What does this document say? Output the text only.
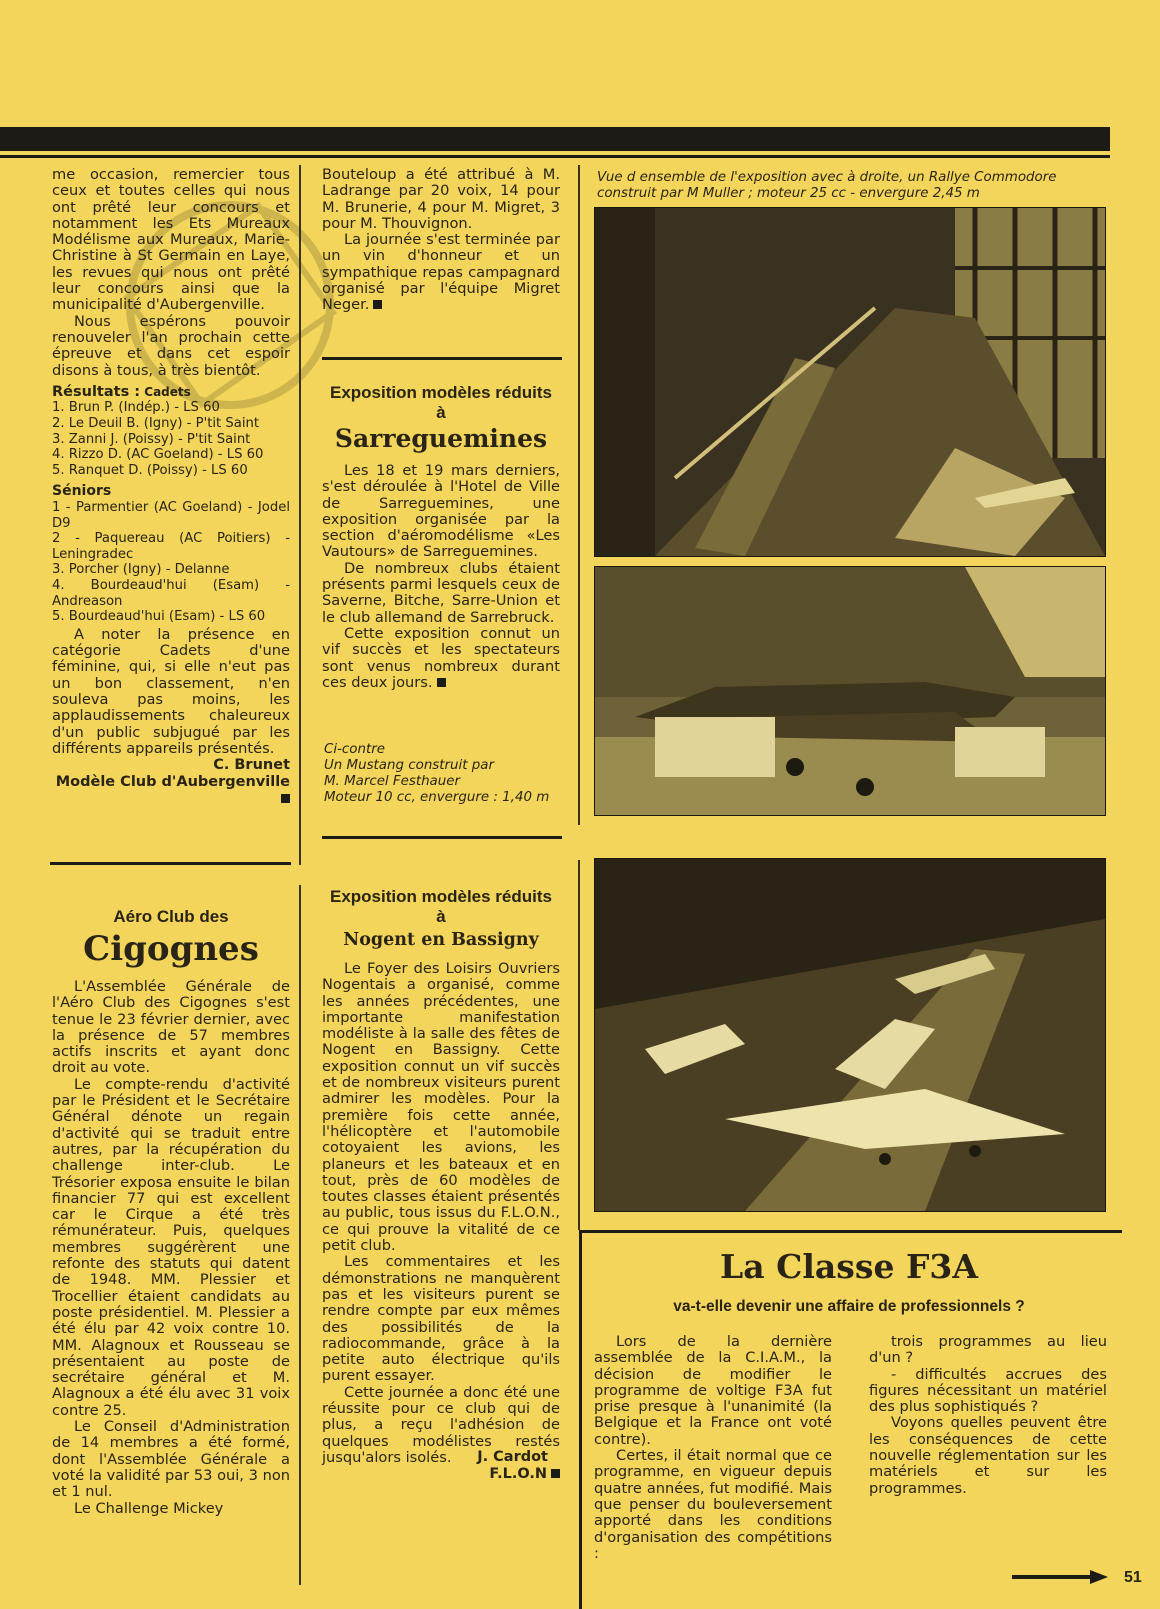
me occasion, remercier tous ceux et toutes celles qui nous ont prêté leur concours et notamment les Ets Mureaux Modélisme aux Mureaux, Marie-Christine à St Germain en Laye, les revues qui nous ont prêté leur concours ainsi que la municipalité d'Aubergenville.

Nous espérons pouvoir renouveler l'an prochain cette épreuve et dans cet espoir disons à tous, à très bientôt.

Résultats : Cadets
1. Brun P. (Indép.) - LS 60
2. Le Deuil B. (Igny) - P'tit Saint
3. Zanni J. (Poissy) - P'tit Saint
4. Rizzo D. (AC Goeland) - LS 60
5. Ranquet D. (Poissy) - LS 60
Séniors
1 - Parmentier (AC Goeland) - Jodel D9
2 - Paquereau (AC Poitiers) - Leningradec
3. Porcher (Igny) - Delanne
4. Bourdeaud'hui (Esam) - Andreason
5. Bourdeaud'hui (Esam) - LS 60

A noter la présence en catégorie Cadets d'une féminine, qui, si elle n'eut pas un bon classement, n'en souleva pas moins, les applaudissements chaleureux d'un public subjugué par les différents appareils présentés.

C. Brunet
Modèle Club d'Aubergenville
Aéro Club des
Cigognes

L'Assemblée Générale de l'Aéro Club des Cigognes s'est tenue le 23 février dernier, avec la présence de 57 membres actifs inscrits et ayant donc droit au vote.

Le compte-rendu d'activité par le Président et le Secrétaire Général dénote un regain d'activité qui se traduit entre autres, par la récupération du challenge inter-club. Le Trésorier exposa ensuite le bilan financier 77 qui est excellent car le Cirque a été très rémunérateur. Puis, quelques membres suggérèrent une refonte des statuts qui datent de 1948. MM. Plessier et Trocellier étaient candidats au poste présidentiel. M. Plessier a été élu par 42 voix contre 10. MM. Alagnoux et Rousseau se présentaient au poste de secrétaire général et M. Alagnoux a été élu avec 31 voix contre 25.

Le Conseil d'Administration de 14 membres a été formé, dont l'Assemblée Générale a voté la validité par 53 oui, 3 non et 1 nul.

Le Challenge Mickey

Bouteloup a été attribué à M. Ladrange par 20 voix, 14 pour M. Brunerie, 4 pour M. Migret, 3 pour M. Thouvignon.

La journée s'est terminée par un vin d'honneur et un sympathique repas campagnard organisé par l'équipe Migret Neger.

Exposition modèles réduits
à
Sarreguemines

Les 18 et 19 mars derniers, s'est déroulée à l'Hotel de Ville de Sarreguemines, une exposition organisée par la section d'aéromodélisme «Les Vautours» de Sarreguemines.

De nombreux clubs étaient présents parmi lesquels ceux de Saverne, Bitche, Sarre-Union et le club allemand de Sarrebruck.

Cette exposition connut un vif succès et les spectateurs sont venus nombreux durant ces deux jours.

Ci-contre
Un Mustang construit par
M. Marcel Festhauer
Moteur 10 cc, envergure : 1,40 m
Exposition modèles réduits
à
Nogent en Bassigny

Le Foyer des Loisirs Ouvriers Nogentais a organisé, comme les années précédentes, une importante manifestation modéliste à la salle des fêtes de Nogent en Bassigny. Cette exposition connut un vif succès et de nombreux visiteurs purent admirer les modèles. Pour la première fois cette année, l'hélicoptère et l'automobile cotoyaient les avions, les planeurs et les bateaux et en tout, près de 60 modèles de toutes classes étaient présentés au public, tous issus du F.L.O.N., ce qui prouve la vitalité de ce petit club.

Les commentaires et les démonstrations ne manquèrent pas et les visiteurs purent se rendre compte par eux mêmes des possibilités de la radiocommande, grâce à la petite auto électrique qu'ils purent essayer.

Cette journée a donc été une réussite pour ce club qui de plus, a reçu l'adhésion de quelques modélistes restés jusqu'alors isolés.	J. Cardot
F.L.O.N
Vue d ensemble de l'exposition avec à droite, un Rallye Commodore construit par M Muller ; moteur 25 cc - envergure 2,45 m
La Classe F3A
va-t-elle devenir une affaire de professionnels ?

Lors de la dernière assemblée de la C.I.A.M., la décision de modifier le programme de voltige F3A fut prise presque à l'unanimité (la Belgique et la France ont voté contre).

Certes, il était normal que ce programme, en vigueur depuis quatre années, fut modifié. Mais que penser du bouleversement apporté dans les conditions d'organisation des compétitions :

trois programmes au lieu d'un ?

- difficultés accrues des figures nécessitant un matériel des plus sophistiqués ?

Voyons quelles peuvent être les conséquences de cette nouvelle réglementation sur les matériels et sur les programmes.

51
